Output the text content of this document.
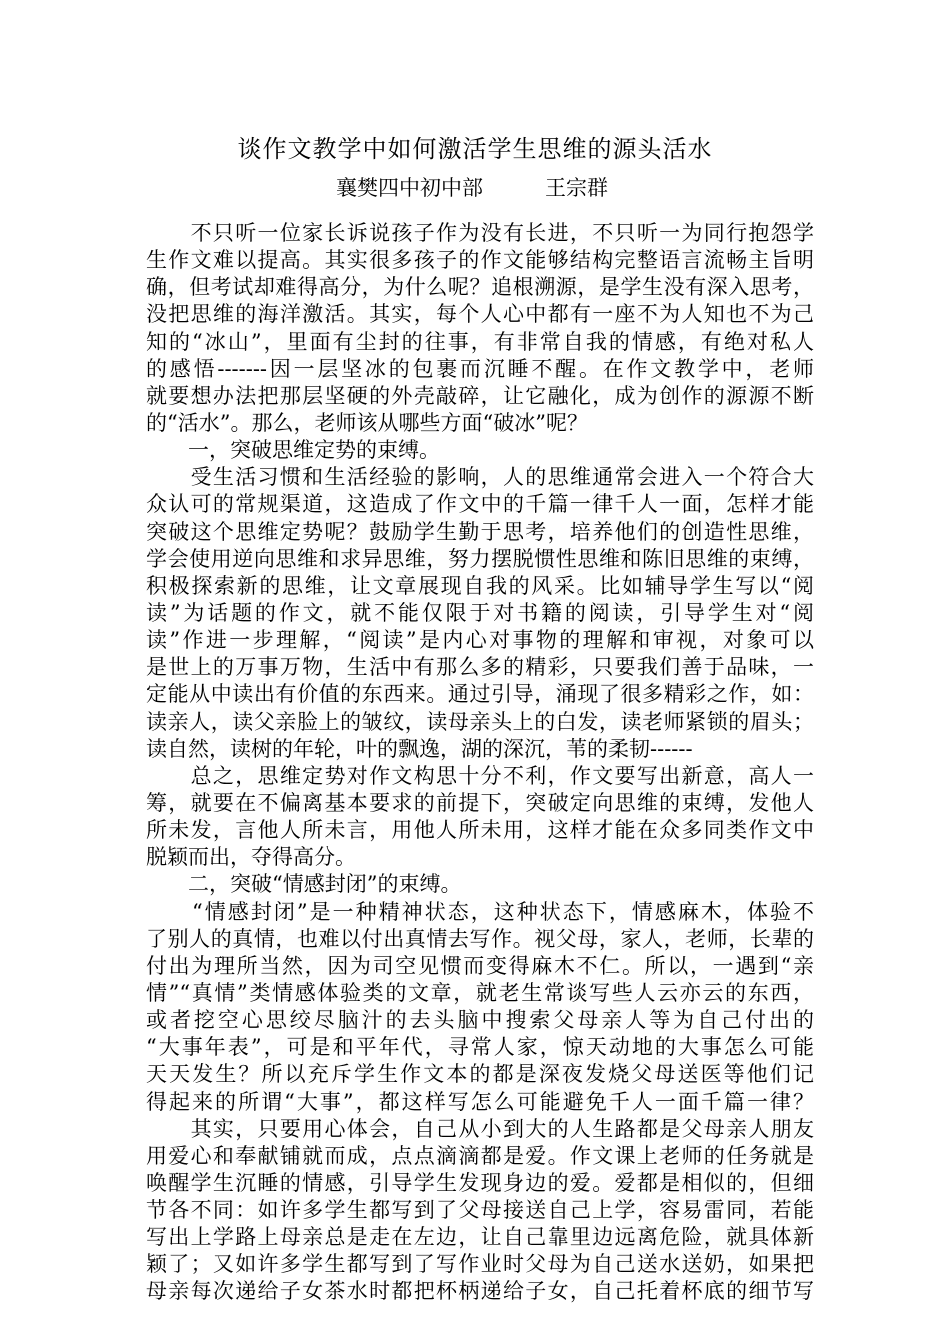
谈作文教学中如何激活学生思维的源头活水
襄樊四中初中部	王宗群
　　不只听一位家长诉说孩子作为没有长进，不只听一为同行抱怨学
生作文难以提高。其实很多孩子的作文能够结构完整语言流畅主旨明
确，但考试却难得高分，为什么呢？追根溯源，是学生没有深入思考，
没把思维的海洋激活。其实，每个人心中都有一座不为人知也不为己
知的“冰山”，里面有尘封的往事，有非常自我的情感，有绝对私人
的感悟-------因一层坚冰的包裹而沉睡不醒。在作文教学中，老师
就要想办法把那层坚硬的外壳敲碎，让它融化，成为创作的源源不断
的“活水”。那么，老师该从哪些方面“破冰”呢？
　　一，突破思维定势的束缚。
　　受生活习惯和生活经验的影响，人的思维通常会进入一个符合大
众认可的常规渠道，这造成了作文中的千篇一律千人一面，怎样才能
突破这个思维定势呢？鼓励学生勤于思考，培养他们的创造性思维，
学会使用逆向思维和求异思维，努力摆脱惯性思维和陈旧思维的束缚，
积极探索新的思维，让文章展现自我的风采。比如辅导学生写以“阅
读”为话题的作文，就不能仅限于对书籍的阅读，引导学生对“阅
读”作进一步理解，“阅读”是内心对事物的理解和审视，对象可以
是世上的万事万物，生活中有那么多的精彩，只要我们善于品味，一
定能从中读出有价值的东西来。通过引导，涌现了很多精彩之作，如：
读亲人，读父亲脸上的皱纹，读母亲头上的白发，读老师紧锁的眉头；
读自然，读树的年轮，叶的飘逸，湖的深沉，苇的柔韧------
　　总之，思维定势对作文构思十分不利，作文要写出新意，高人一
筹，就要在不偏离基本要求的前提下，突破定向思维的束缚，发他人
所未发，言他人所未言，用他人所未用，这样才能在众多同类作文中
脱颖而出，夺得高分。
　　二，突破“情感封闭”的束缚。
　　“情感封闭”是一种精神状态，这种状态下，情感麻木，体验不
了别人的真情，也难以付出真情去写作。视父母，家人，老师，长辈的
付出为理所当然，因为司空见惯而变得麻木不仁。所以，一遇到“亲
情”“真情”类情感体验类的文章，就老生常谈写些人云亦云的东西，
或者挖空心思绞尽脑汁的去头脑中搜索父母亲人等为自己付出的
“大事年表”，可是和平年代，寻常人家，惊天动地的大事怎么可能
天天发生？所以充斥学生作文本的都是深夜发烧父母送医等他们记
得起来的所谓“大事”，都这样写怎么可能避免千人一面千篇一律？
　　其实，只要用心体会，自己从小到大的人生路都是父母亲人朋友
用爱心和奉献铺就而成，点点滴滴都是爱。作文课上老师的任务就是
唤醒学生沉睡的情感，引导学生发现身边的爱。爱都是相似的，但细
节各不同：如许多学生都写到了父母接送自己上学，容易雷同，若能
写出上学路上母亲总是走在左边，让自己靠里边远离危险，就具体新
颖了；又如许多学生都写到了写作业时父母为自己送水送奶，如果把
母亲每次递给子女茶水时都把杯柄递给子女，自己托着杯底的细节写
